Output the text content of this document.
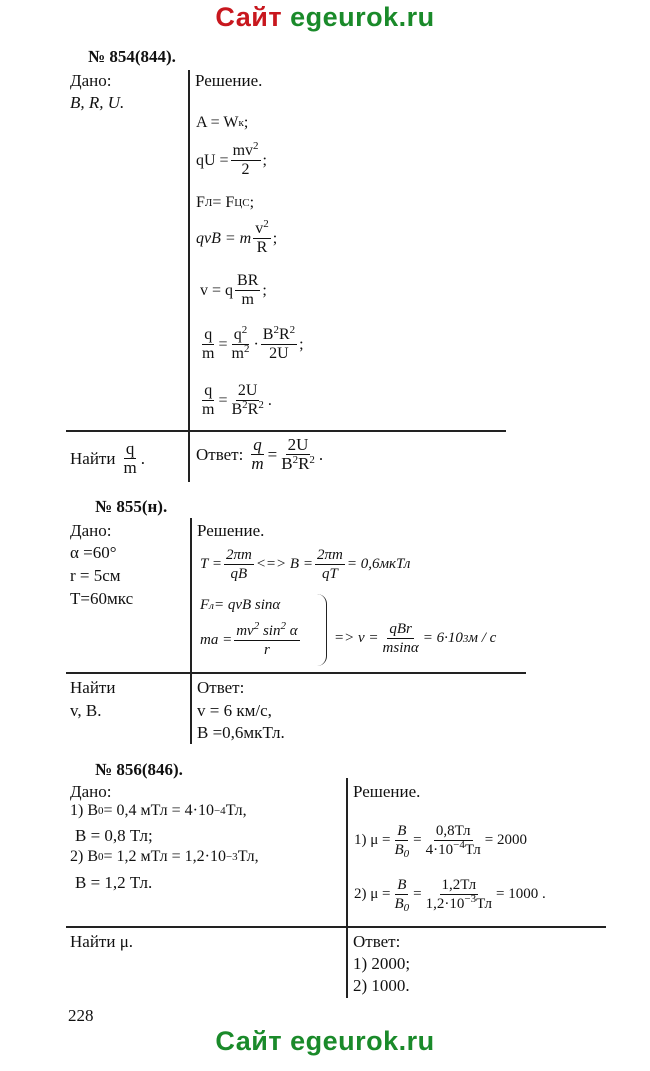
Сайт egeurok.ru
№ 854(844).
Дано:
B, R, U.
Решение.
A = W к ;
qU = $\frac{mv^2}{2}$ ;
F Л = F ЦС ;
qvB = m $\frac{v^2}{R}$ ;
v = q $\frac{BR}{m}$ ;
$\frac{q}{m} = \frac{q^2}{m^2} \cdot \frac{B^2R^2}{2U}$ ;
$\frac{q}{m} = \frac{2U}{B^2R^2}$ .
Найти $\frac{q}{m}$ .	Ответ: $\frac{q}{m} = \frac{2U}{B^2R^2}$ .
№ 855(н).
Дано:
α =60°
r = 5см
T=60мкс
Решение.
$T = \frac{2\pi m}{qB}$ <=> $B = \frac{2\pi m}{qT}$ = 0,6мкТл
F л = qvB sinα
ma = $\frac{mv^2 \sin^2 \alpha}{r} => v = \frac{\text{qBr}}{msin\alpha} = 6\cdot 10$ 3 м / с
Найти
v, B.
Ответ:
v = 6 км/с,
B =0,6мкТл.
№ 856(846).
Дано:
1) B 0 = 0,4 мТл = 4·10 −4 Тл,
B = 0,8 Тл;
2) B 0 = 1,2 мТл = 1,2·10 −3 Тл,
B = 1,2 Тл.
Решение.
1) $\mu = \frac{B}{B_0} = \frac{0,8Тл}{4\cdot 10^{-4}Тл} = 2000$
2) $\mu = \frac{B}{B_0} = \frac{1,2Тл}{1,2\cdot 10^{-3}Тл} = 1000$ .
Найти μ.	Ответ:
1) 2000;
2) 1000.
228
Сайт egeurok.ru
